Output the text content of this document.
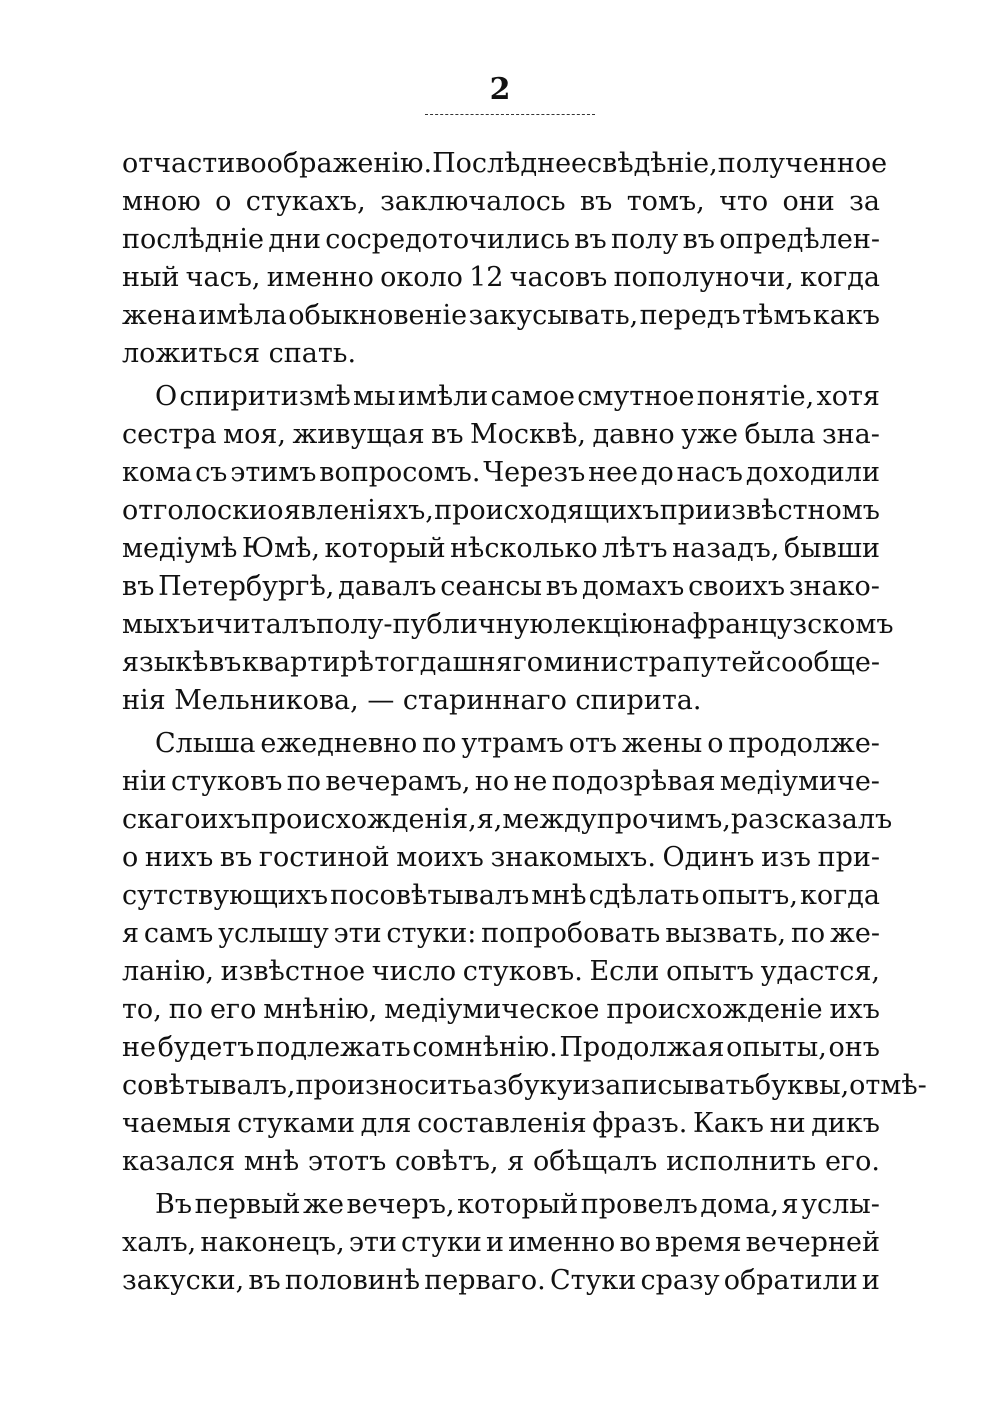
2
отчасти воображенію. Послѣднее свѣдѣніе, полученное
мною о стукахъ, заключалось въ томъ, что они за
послѣдніе дни сосредоточились въ полу въ опредѣлен-
ный часъ, именно около 12 часовъ пополуночи, когда
жена имѣла обыкновеніе закусывать, передъ тѣмъ какъ
ложиться спать.
О спиритизмѣ мы имѣли самое смутное понятіе, хотя
сестра моя, живущая въ Москвѣ, давно уже была зна-
кома съ этимъ вопросомъ. Черезъ нее до насъ доходили
отголоски о явленіяхъ, происходящихъ при извѣстномъ
медіумѣ Юмѣ, который нѣсколько лѣтъ назадъ, бывши
въ Петербургѣ, давалъ сеансы въ домахъ своихъ знако-
мыхъ и читалъ полу-публичную лекцію на французскомъ
языкѣ въ квартирѣ тогдашняго министра путей сообще-
нія Мельникова, — стариннаго спирита.
Слыша ежедневно по утрамъ отъ жены о продолже-
ніи стуковъ по вечерамъ, но не подозрѣвая медіумиче-
скаго ихъ происхожденія, я, между прочимъ, разсказалъ
о нихъ въ гостиной моихъ знакомыхъ. Одинъ изъ при-
сутствующихъ посовѣтывалъ мнѣ сдѣлать опытъ, когда
я самъ услышу эти стуки: попробовать вызвать, по же-
ланію, извѣстное число стуковъ. Если опытъ удастся,
то, по его мнѣнію, медіумическое происхожденіе ихъ
не будетъ подлежать сомнѣнію. Продолжая опыты, онъ
совѣтывалъ, произносить азбуку и записывать буквы, отмѣ-
чаемыя стуками для составленія фразъ. Какъ ни дикъ
казался мнѣ этотъ совѣтъ, я обѣщалъ исполнить его.
Въ первый же вечеръ, который провелъ дома, я услы-
халъ, наконецъ, эти стуки и именно во время вечерней
закуски, въ половинѣ перваго. Стуки сразу обратили и
